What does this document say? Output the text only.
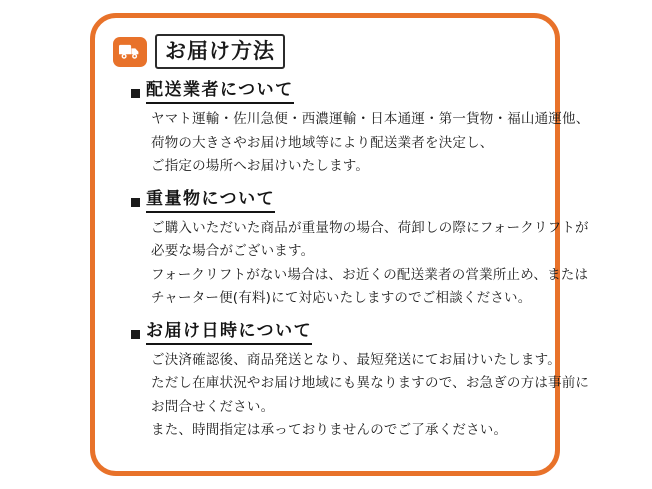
お届け方法
配送業者について
ヤマト運輸・佐川急便・西濃運輸・日本通運・第一貨物・福山通運他、
荷物の大きさやお届け地域等により配送業者を決定し、
ご指定の場所へお届けいたします。
重量物について
ご購入いただいた商品が重量物の場合、荷卸しの際にフォークリフトが
必要な場合がございます。
フォークリフトがない場合は、お近くの配送業者の営業所止め、または
チャーター便(有料)にて対応いたしますのでご相談ください。
お届け日時について
ご決済確認後、商品発送となり、最短発送にてお届けいたします。
ただし在庫状況やお届け地域にも異なりますので、お急ぎの方は事前に
お問合せください。
また、時間指定は承っておりませんのでご了承ください。
